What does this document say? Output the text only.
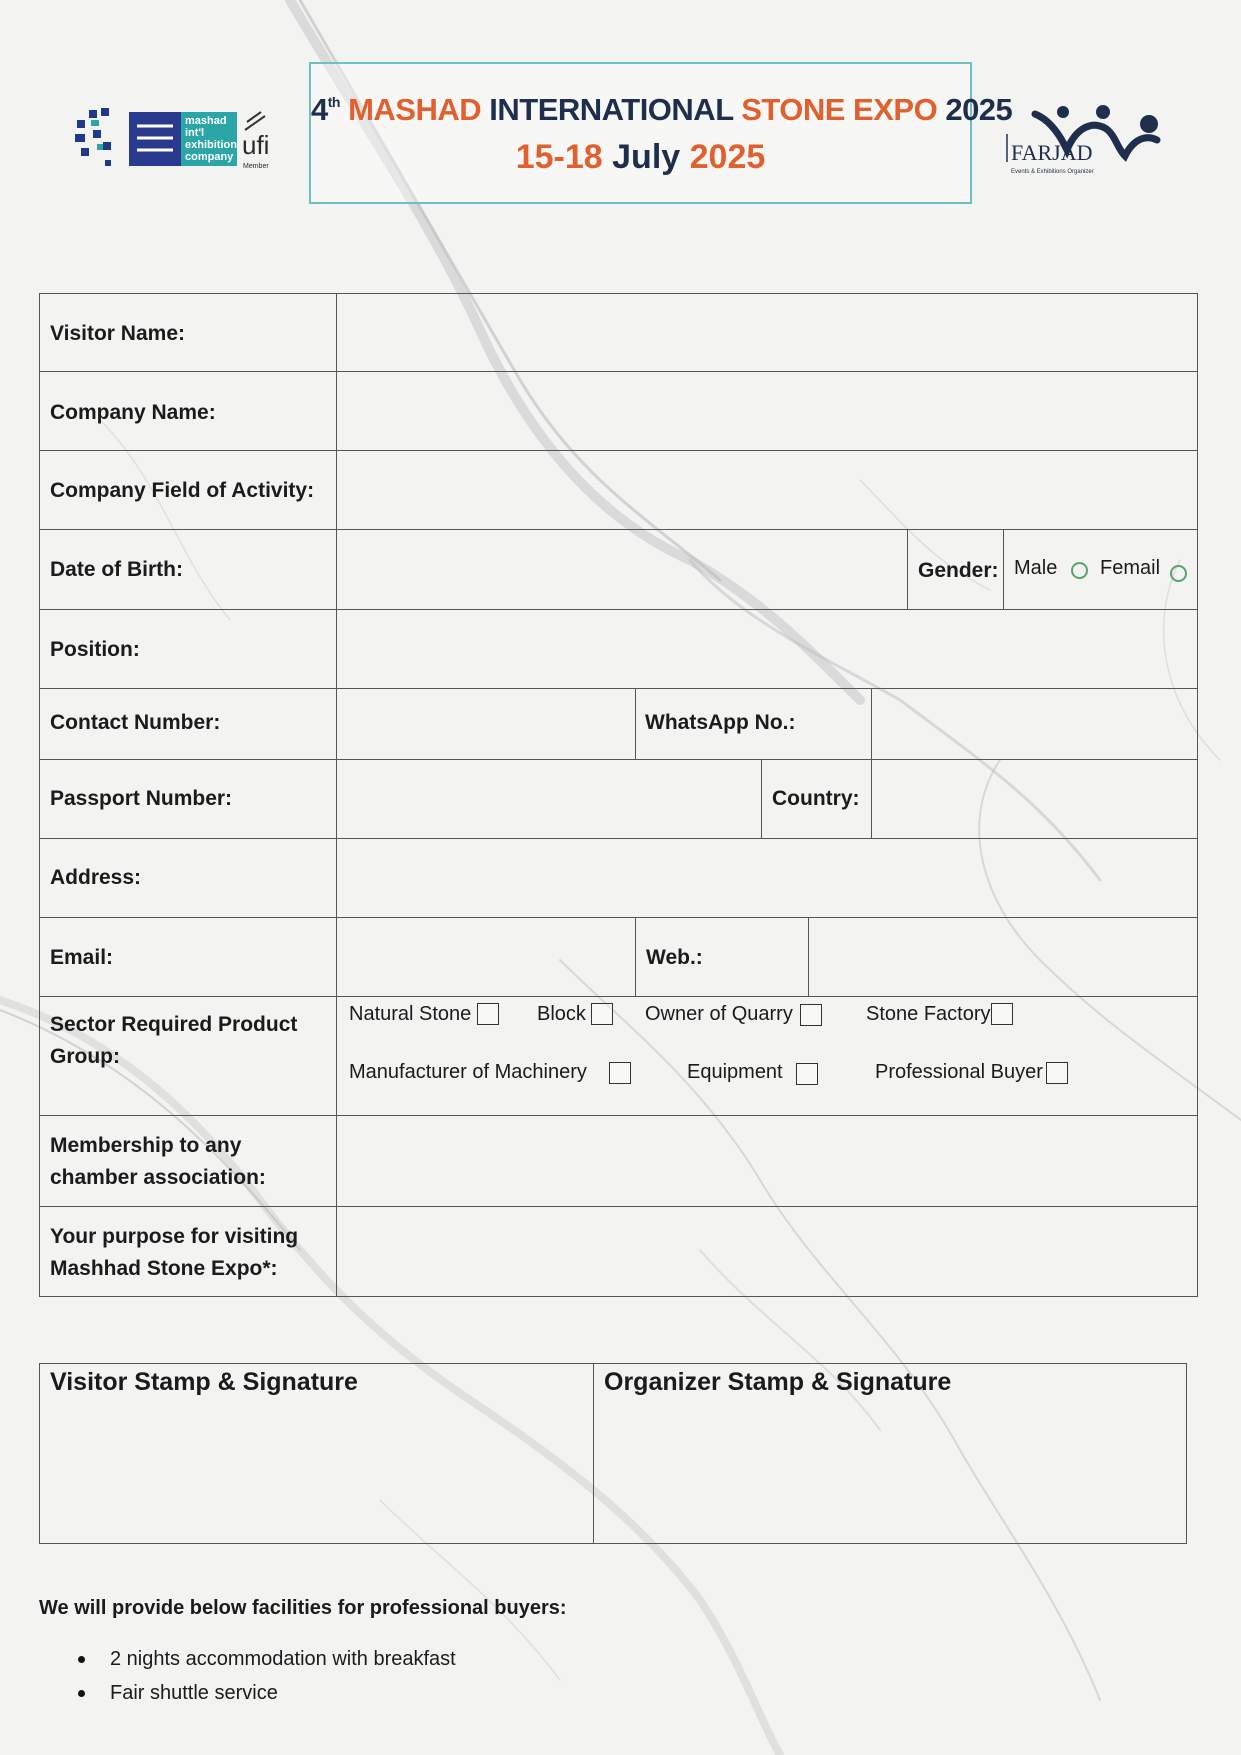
mashad
int'l
exhibition
company ufi
Member
4th MASHAD INTERNATIONAL STONE EXPO 2025
15-18 July 2025	FARJAD
Events & Exhibitions Organizer
Visitor Name:
Company Name:
Company Field of Activity:
Date of Birth:	Gender: Male Femail
Position:
Contact Number:	WhatsApp No.:
Passport Number:	Country:
Address:
Email:	Web.:
Sector Required Product
Group:
Natural Stone	Block	Owner of Quarry	Stone Factory
Manufacturer of Machinery	Equipment	Professional Buyer
Membership to any
chamber association:
Your purpose for visiting
Mashhad Stone Expo*:
Visitor Stamp & Signature	Organizer Stamp & Signature
We will provide below facilities for professional buyers:
2 nights accommodation with breakfast
Fair shuttle service
